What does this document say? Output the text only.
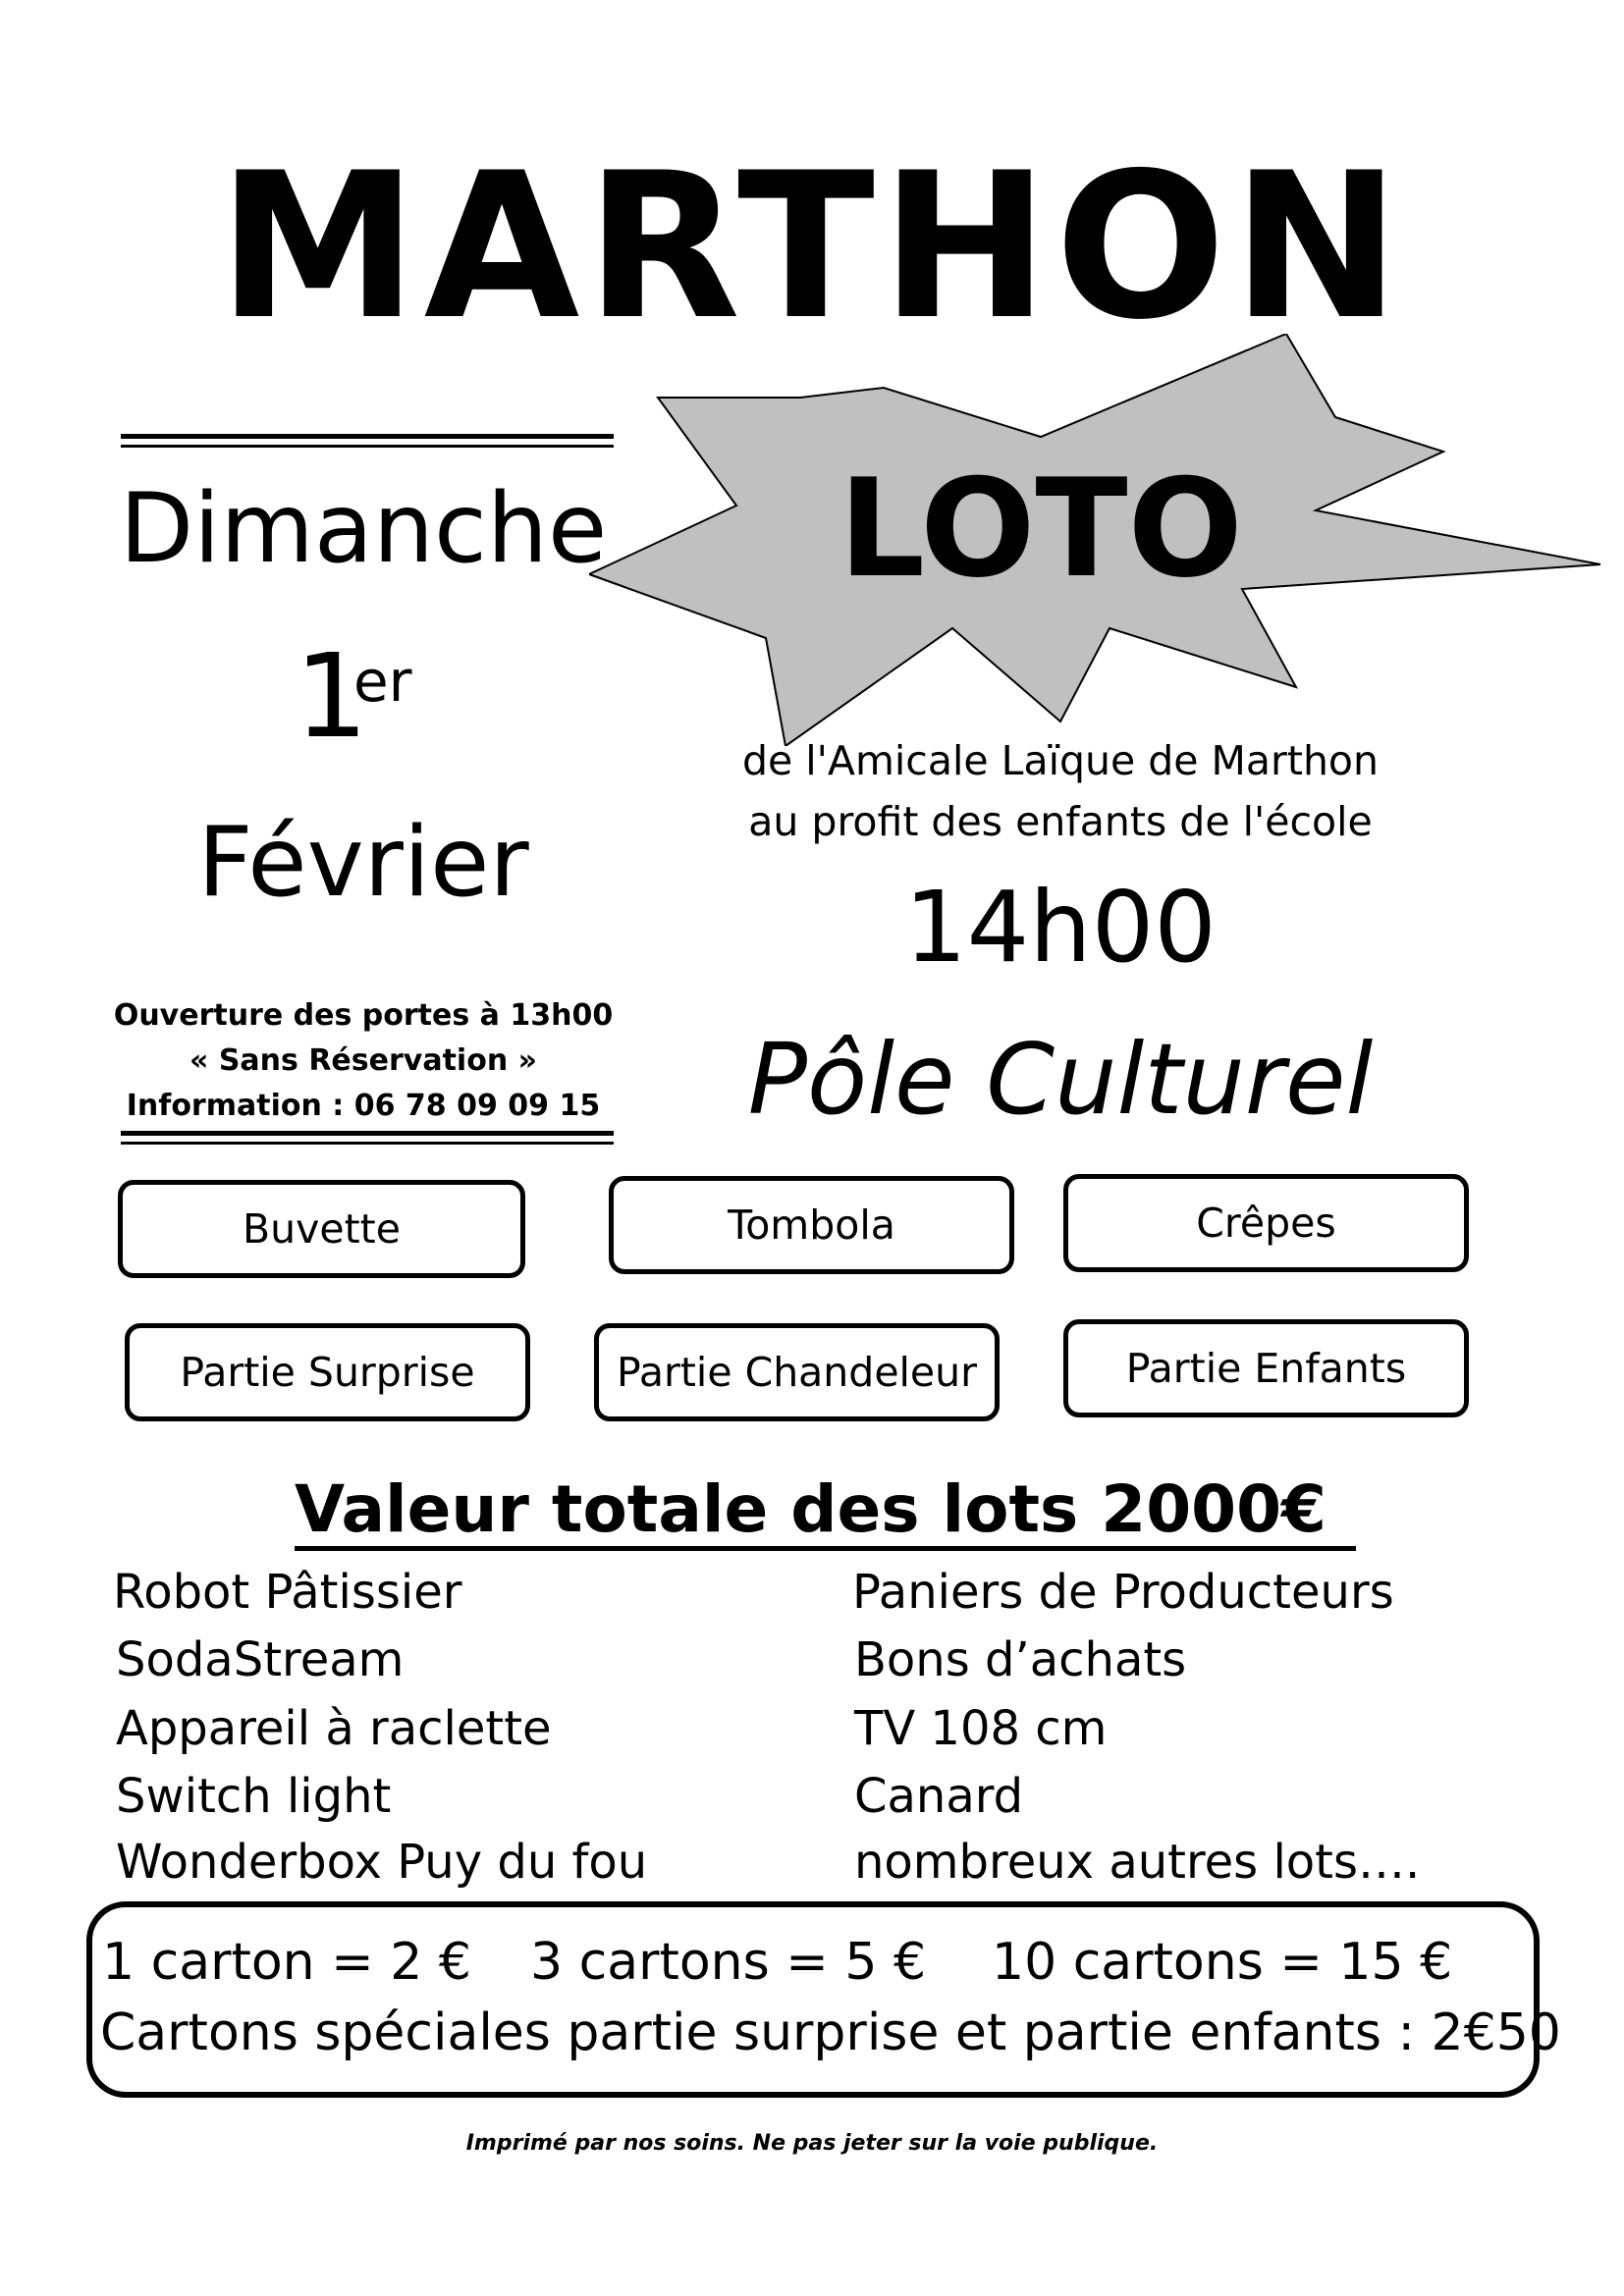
MARTHON
Dimanche
1
er
Février
Ouverture des portes à 13h00
« Sans Réservation »
Information : 06 78 09 09 15
LOTO
de l'Amicale Laïque de Marthon
au profit des enfants de l'école
14h00
Pôle Culturel
Buvette	Tombola	Crêpes
Partie Surprise	Partie Chandeleur	Partie Enfants
Valeur totale des lots 2000€
Robot Pâtissier
SodaStream
Appareil à raclette
Switch light
Wonderbox Puy du fou
Paniers de Producteurs
Bons d’achats
TV 108 cm
Canard
nombreux autres lots….
1 carton = 2 € 3 cartons = 5 € 10 cartons = 15 €
Cartons spéciales partie surprise et partie enfants : 2€50
Imprimé par nos soins. Ne pas jeter sur la voie publique.
